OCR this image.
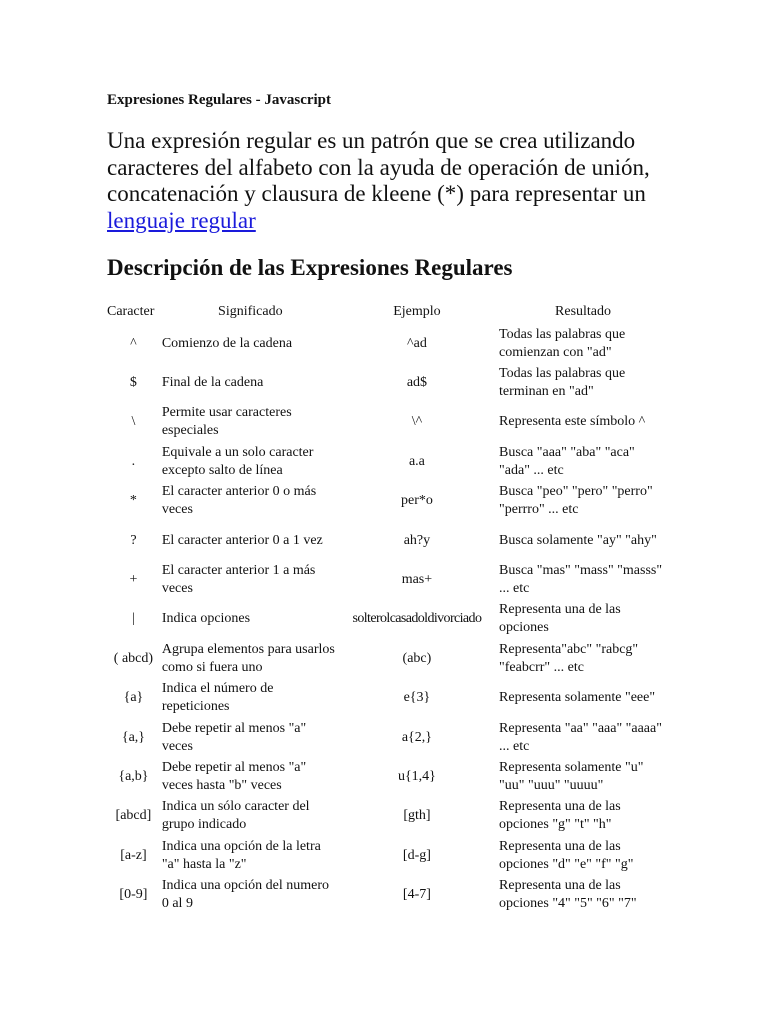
Expresiones Regulares - Javascript
Una expresión regular es un patrón que se crea utilizando caracteres del alfabeto con la ayuda de operación de unión, concatenación y clausura de kleene (*) para representar un lenguaje regular
Descripción de las Expresiones Regulares
Caracter	Significado	Ejemplo	Resultado
^	Comienzo de la cadena	^ad	Todas las palabras que comienzan con "ad"
$	Final de la cadena	ad$	Todas las palabras que terminan en "ad"
\	Permite usar caracteres especiales	\^	Representa este símbolo ^
.	Equivale a un solo caracter excepto salto de línea	a.a	Busca "aaa" "aba" "aca" "ada" ... etc
*	El caracter anterior 0 o más veces	per*o	Busca "peo" "pero" "perro" "perrro" ... etc
?	El caracter anterior 0 a 1 vez	ah?y	Busca solamente "ay" "ahy"
+	El caracter anterior 1 a más veces	mas+	Busca "mas" "mass" "masss" ... etc
|	Indica opciones	solterolcasadoldivorciado	Representa una de las opciones
( abcd)	Agrupa elementos para usarlos como si fuera uno	(abc)	Representa"abc" "rabcg" "feabcrr" ... etc
{a}	Indica el número de repeticiones	e{3}	Representa solamente "eee"
{a,}	Debe repetir al menos "a" veces	a{2,}	Representa "aa" "aaa" "aaaa" ... etc
{a,b}	Debe repetir al menos "a" veces hasta "b" veces	u{1,4}	Representa solamente "u" "uu" "uuu" "uuuu"
[abcd]	Indica un sólo caracter del grupo indicado	[gth]	Representa una de las opciones "g" "t" "h"
[a-z]	Indica una opción de la letra "a" hasta la "z"	[d-g]	Representa una de las opciones "d" "e" "f" "g"
[0-9]	Indica una opción del numero 0 al 9	[4-7]	Representa una de las opciones "4" "5" "6" "7"
